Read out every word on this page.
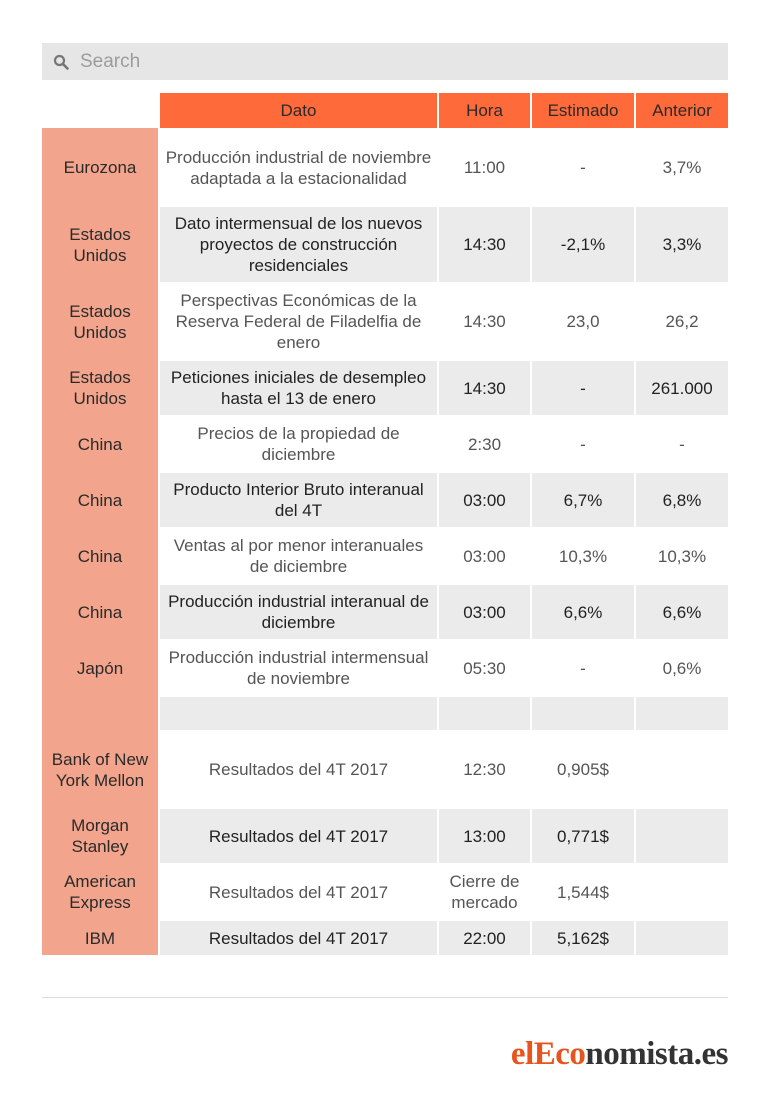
Search
	Dato	Hora	Estimado	Anterior
Eurozona	Producción industrial de noviembre adaptada a la estacionalidad	11:00	-	3,7%
Estados Unidos	Dato intermensual de los nuevos proyectos de construcción residenciales	14:30	-2,1%	3,3%
Estados Unidos	Perspectivas Económicas de la Reserva Federal de Filadelfia de enero	14:30	23,0	26,2
Estados Unidos	Peticiones iniciales de desempleo hasta el 13 de enero	14:30	-	261.000
China	Precios de la propiedad de diciembre	2:30	-	-
China	Producto Interior Bruto interanual del 4T	03:00	6,7%	6,8%
China	Ventas al por menor interanuales de diciembre	03:00	10,3%	10,3%
China	Producción industrial interanual de diciembre	03:00	6,6%	6,6%
Japón	Producción industrial intermensual de noviembre	05:30	-	0,6%

Bank of New York Mellon	Resultados del 4T 2017	12:30	0,905$	
Morgan Stanley	Resultados del 4T 2017	13:00	0,771$	
American Express	Resultados del 4T 2017	Cierre de mercado	1,544$	
IBM	Resultados del 4T 2017	22:00	5,162$	
elEconomista.es
